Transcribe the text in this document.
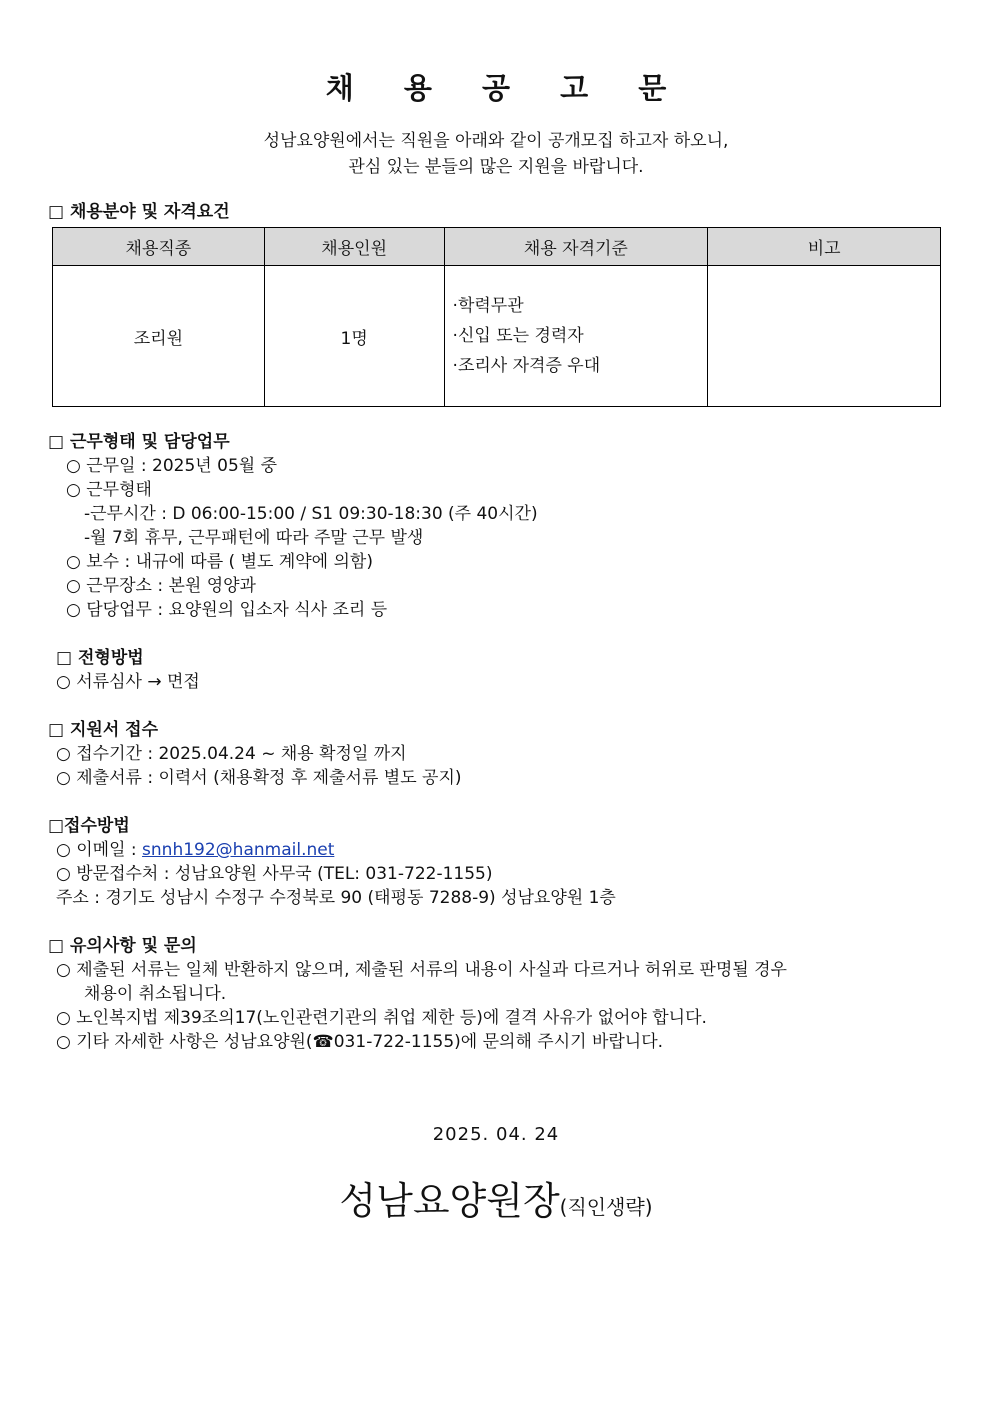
채 용 공 고 문
성남요양원에서는 직원을 아래와 같이 공개모집 하고자 하오니,
관심 있는 분들의 많은 지원을 바랍니다.
□ 채용분야 및 자격요건
채용직종	채용인원	채용 자격기준	비고
조리원	1명	·학력무관
·신입 또는 경력자
·조리사 자격증 우대	

□ 근무형태 및 담당업무
○ 근무일 : 2025년 05월 중
○ 근무형태
-근무시간 : D 06:00-15:00 / S1 09:30-18:30 (주 40시간)
-월 7회 휴무, 근무패턴에 따라 주말 근무 발생
○ 보수 : 내규에 따름 ( 별도 계약에 의함)
○ 근무장소 : 본원 영양과
○ 담당업무 : 요양원의 입소자 식사 조리 등
□ 전형방법
○ 서류심사 → 면접
□ 지원서 접수
○ 접수기간 : 2025.04.24 ~ 채용 확정일 까지
○ 제출서류 : 이력서 (채용확정 후 제출서류 별도 공지)
□접수방법
○ 이메일 : snnh192@hanmail.net
○ 방문접수처 : 성남요양원 사무국 (TEL: 031-722-1155)
주소 : 경기도 성남시 수정구 수정북로 90 (태평동 7288-9) 성남요양원 1층
□ 유의사항 및 문의
○ 제출된 서류는 일체 반환하지 않으며, 제출된 서류의 내용이 사실과 다르거나 허위로 판명될 경우
채용이 취소됩니다.
○ 노인복지법 제39조의17(노인관련기관의 취업 제한 등)에 결격 사유가 없어야 합니다.
○ 기타 자세한 사항은 성남요양원(☎031-722-1155)에 문의해 주시기 바랍니다.
2025. 04. 24
성남요양원장(직인생략)
